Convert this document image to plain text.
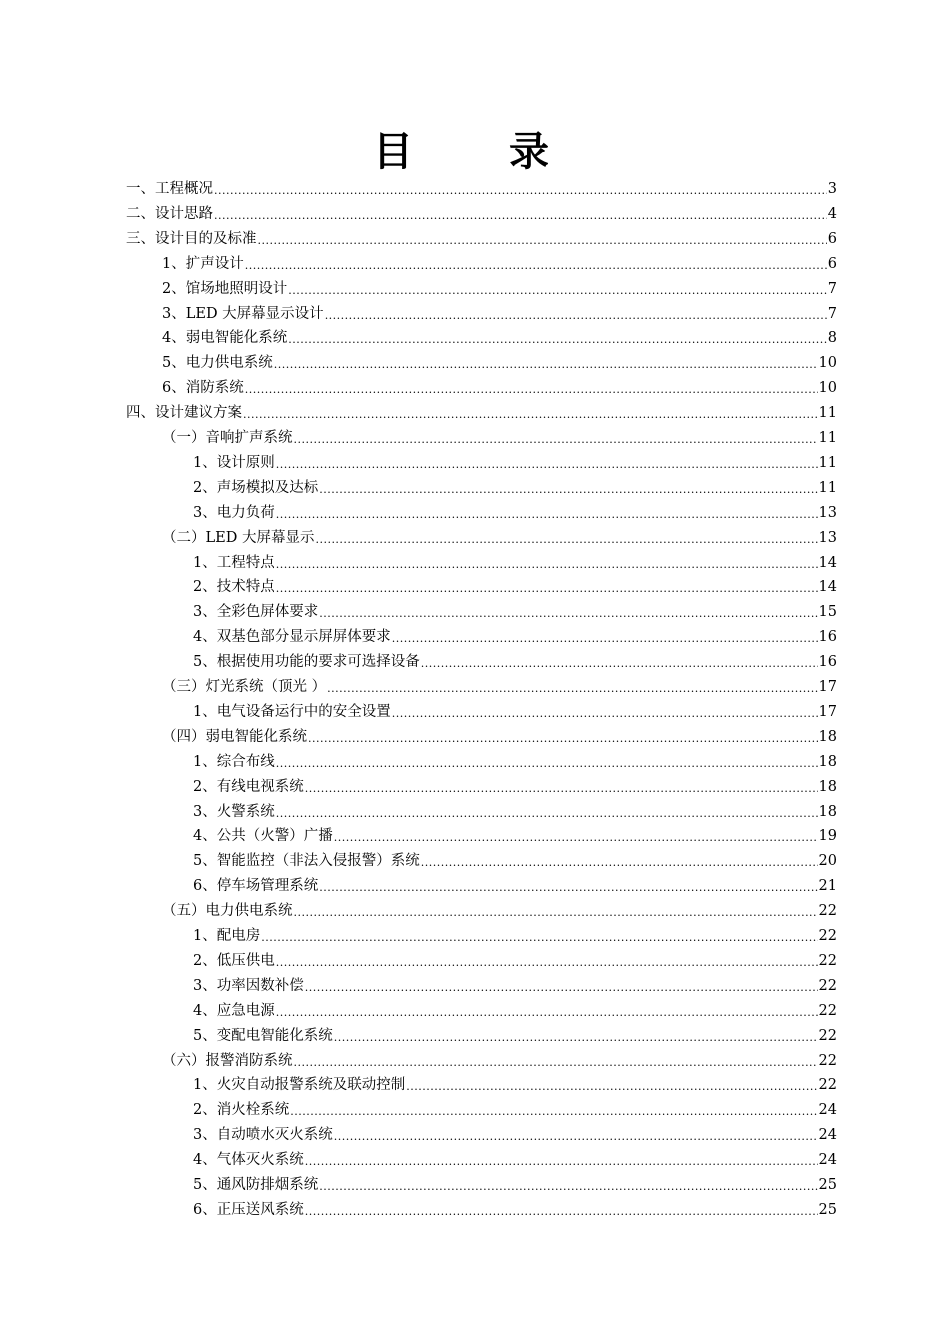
目　录
一、工程概况 .....	3
二、设计思路 .....	4
三、设计目的及标准 .....	6
1、扩声设计 .....	6
2、馆场地照明设计 .....	7
3、LED 大屏幕显示设计 .....	7
4、弱电智能化系统 .....	8
5、电力供电系统 .....	10
6、消防系统 .....	10
四、设计建议方案 .....	11
（一）音响扩声系统 .....	11
1、设计原则 .....	11
2、声场模拟及达标 .....	11
3、电力负荷 .....	13
（二）LED 大屏幕显示 .....	13
1、工程特点 .....	14
2、技术特点 .....	14
3、全彩色屏体要求 .....	15
4、双基色部分显示屏屏体要求 .....	16
5、根据使用功能的要求可选择设备 .....	16
（三）灯光系统（顶光 ） .....	17
1、电气设备运行中的安全设置 .....	17
（四）弱电智能化系统 .....	18
1、综合布线 .....	18
2、有线电视系统 .....	18
3、火警系统 .....	18
4、公共（火警）广播 .....	19
5、智能监控（非法入侵报警）系统 .....	20
6、停车场管理系统 .....	21
（五）电力供电系统 .....	22
1、配电房 .....	22
2、低压供电 .....	22
3、功率因数补偿 .....	22
4、应急电源 .....	22
5、变配电智能化系统 .....	22
（六）报警消防系统 .....	22
1、火灾自动报警系统及联动控制 .....	22
2、消火栓系统 .....	24
3、自动喷水灭火系统 .....	24
4、气体灭火系统 .....	24
5、通风防排烟系统 .....	25
6、正压送风系统 .....	25
